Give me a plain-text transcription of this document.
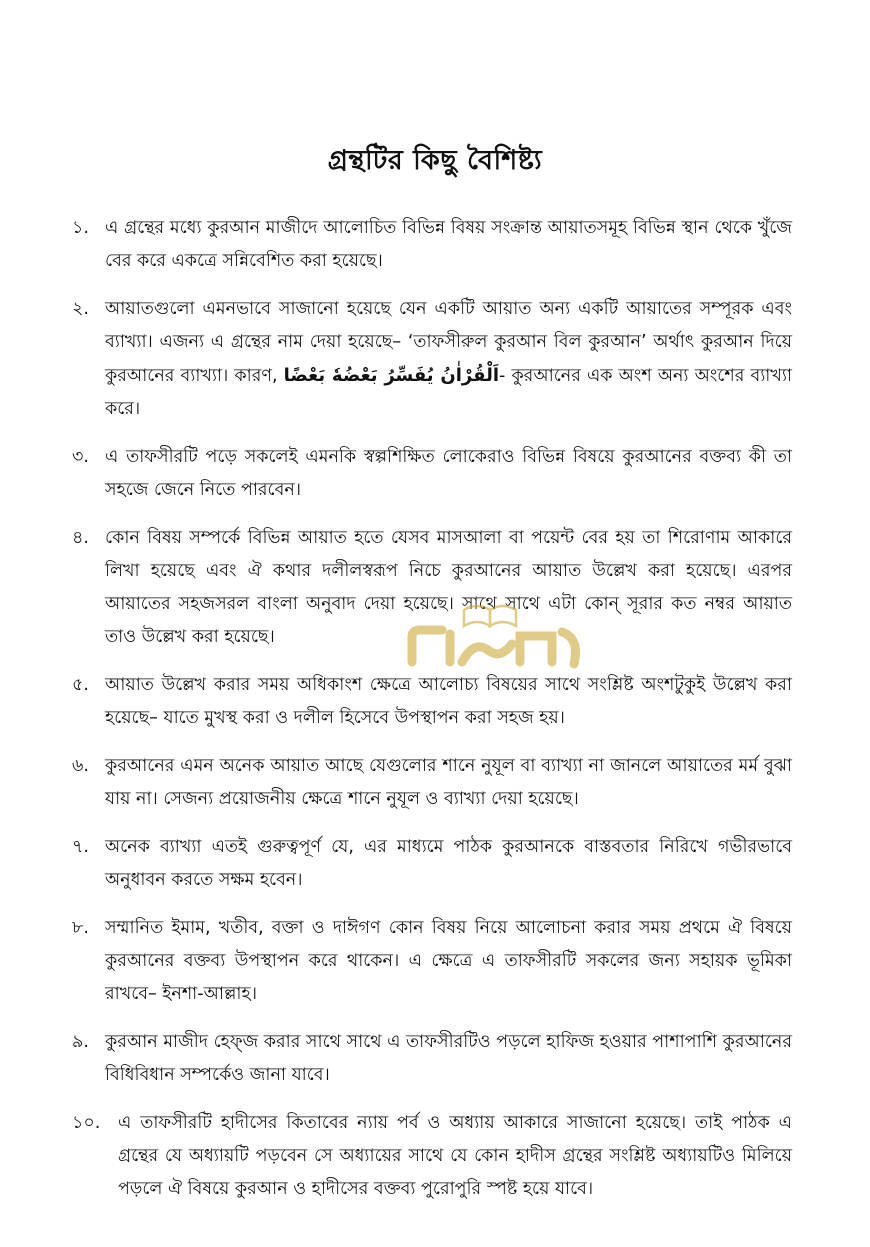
গ্রন্থটির কিছু বৈশিষ্ট্য
১. এ গ্রন্থের মধ্যে কুরআন মাজীদে আলোচিত বিভিন্ন বিষয় সংক্রান্ত আয়াতসমূহ বিভিন্ন স্থান থেকে খুঁজে বের করে একত্রে সন্নিবেশিত করা হয়েছে।
২. আয়াতগুলো এমনভাবে সাজানো হয়েছে যেন একটি আয়াত অন্য একটি আয়াতের সম্পূরক এবং ব্যাখ্যা। এজন্য এ গ্রন্থের নাম দেয়া হয়েছে– ‘তাফসীরুল কুরআন বিল কুরআন’ অর্থাৎ কুরআন দিয়ে কুরআনের ব্যাখ্যা। কারণ, اَلْقُرْاٰنُ يُفَسِّرُ بَعْضُهٗ بَعْضًا- কুরআনের এক অংশ অন্য অংশের ব্যাখ্যা করে।
৩. এ তাফসীরটি পড়ে সকলেই এমনকি স্বল্পশিক্ষিত লোকেরাও বিভিন্ন বিষয়ে কুরআনের বক্তব্য কী তা সহজে জেনে নিতে পারবেন।
৪. কোন বিষয় সম্পর্কে বিভিন্ন আয়াত হতে যেসব মাসআলা বা পয়েন্ট বের হয় তা শিরোণাম আকারে লিখা হয়েছে এবং ঐ কথার দলীলস্বরূপ নিচে কুরআনের আয়াত উল্লেখ করা হয়েছে। এরপর আয়াতের সহজসরল বাংলা অনুবাদ দেয়া হয়েছে। সাথে সাথে এটা কোন্ সূরার কত নম্বর আয়াত তাও উল্লেখ করা হয়েছে।
৫. আয়াত উল্লেখ করার সময় অধিকাংশ ক্ষেত্রে আলোচ্য বিষয়ের সাথে সংশ্লিষ্ট অংশটুকুই উল্লেখ করা হয়েছে– যাতে মুখস্থ করা ও দলীল হিসেবে উপস্থাপন করা সহজ হয়।
৬. কুরআনের এমন অনেক আয়াত আছে যেগুলোর শানে নুযূল বা ব্যাখ্যা না জানলে আয়াতের মর্ম বুঝা যায় না। সেজন্য প্রয়োজনীয় ক্ষেত্রে শানে নুযূল ও ব্যাখ্যা দেয়া হয়েছে।
৭. অনেক ব্যাখ্যা এতই গুরুত্বপূর্ণ যে, এর মাধ্যমে পাঠক কুরআনকে বাস্তবতার নিরিখে গভীরভাবে অনুধাবন করতে সক্ষম হবেন।
৮. সম্মানিত ইমাম, খতীব, বক্তা ও দাঈগণ কোন বিষয় নিয়ে আলোচনা করার সময় প্রথমে ঐ বিষয়ে কুরআনের বক্তব্য উপস্থাপন করে থাকেন। এ ক্ষেত্রে এ তাফসীরটি সকলের জন্য সহায়ক ভূমিকা রাখবে– ইনশা-আল্লাহ।
৯. কুরআন মাজীদ হেফ্জ করার সাথে সাথে এ তাফসীরটিও পড়লে হাফিজ হওয়ার পাশাপাশি কুরআনের বিধিবিধান সম্পর্কেও জানা যাবে।
১০. এ তাফসীরটি হাদীসের কিতাবের ন্যায় পর্ব ও অধ্যায় আকারে সাজানো হয়েছে। তাই পাঠক এ গ্রন্থের যে অধ্যায়টি পড়বেন সে অধ্যায়ের সাথে যে কোন হাদীস গ্রন্থের সংশ্লিষ্ট অধ্যায়টিও মিলিয়ে পড়লে ঐ বিষয়ে কুরআন ও হাদীসের বক্তব্য পুরোপুরি স্পষ্ট হয়ে যাবে।
